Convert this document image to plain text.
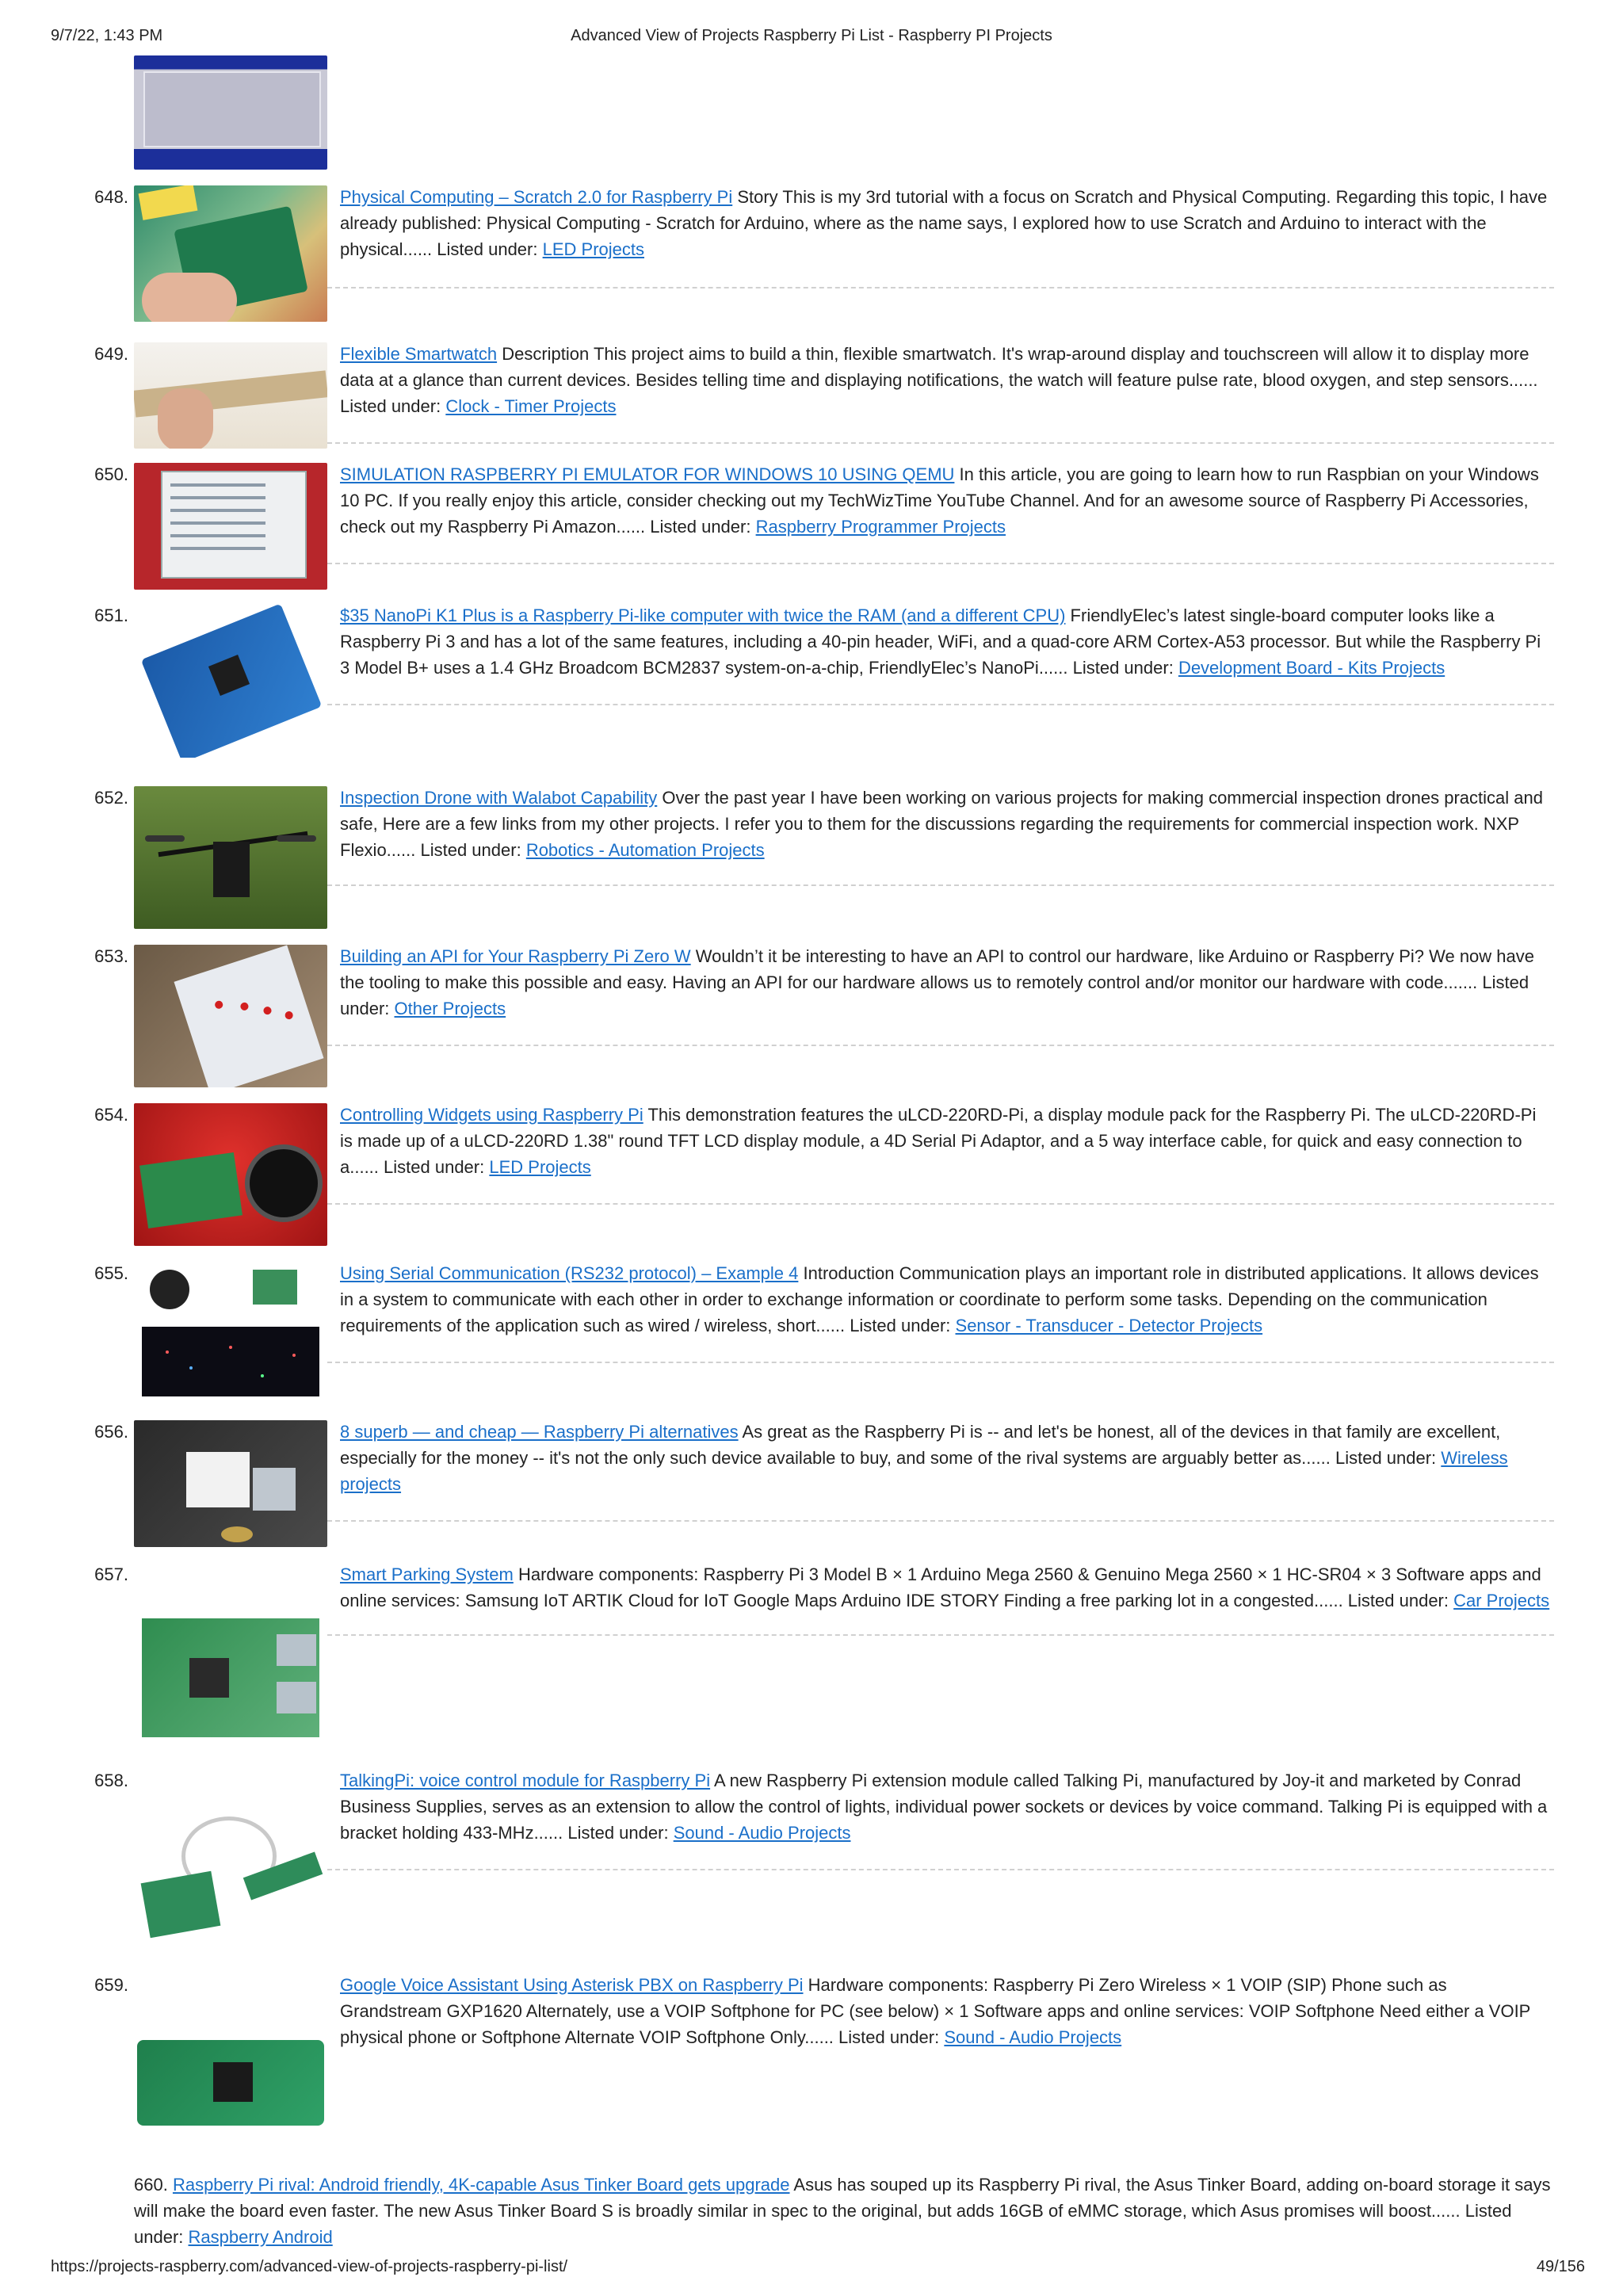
9/7/22, 1:43 PM	Advanced View of Projects Raspberry Pi List - Raspberry PI Projects
648.	Physical Computing – Scratch 2.0 for Raspberry Pi Story This is my 3rd tutorial with a focus on Scratch and Physical Computing. Regarding this topic, I have already published: Physical Computing - Scratch for Arduino, where as the name says, I explored how to use Scratch and Arduino to interact with the physical...... Listed under: LED Projects
649.	Flexible Smartwatch Description This project aims to build a thin, flexible smartwatch. It's wrap-around display and touchscreen will allow it to display more data at a glance than current devices. Besides telling time and displaying notifications, the watch will feature pulse rate, blood oxygen, and step sensors...... Listed under: Clock - Timer Projects
650.	SIMULATION RASPBERRY PI EMULATOR FOR WINDOWS 10 USING QEMU In this article, you are going to learn how to run Raspbian on your Windows 10 PC. If you really enjoy this article, consider checking out my TechWizTime YouTube Channel. And for an awesome source of Raspberry Pi Accessories, check out my Raspberry Pi Amazon...... Listed under: Raspberry Programmer Projects
651.	$35 NanoPi K1 Plus is a Raspberry Pi-like computer with twice the RAM (and a different CPU) FriendlyElec’s latest single-board computer looks like a Raspberry Pi 3 and has a lot of the same features, including a 40-pin header, WiFi, and a quad-core ARM Cortex-A53 processor. But while the Raspberry Pi 3 Model B+ uses a 1.4 GHz Broadcom BCM2837 system-on-a-chip, FriendlyElec’s NanoPi...... Listed under: Development Board - Kits Projects
652.	Inspection Drone with Walabot Capability Over the past year I have been working on various projects for making commercial inspection drones practical and safe, Here are a few links from my other projects. I refer you to them for the discussions regarding the requirements for commercial inspection work. NXP Flexio...... Listed under: Robotics - Automation Projects
653.	Building an API for Your Raspberry Pi Zero W Wouldn’t it be interesting to have an API to control our hardware, like Arduino or Raspberry Pi? We now have the tooling to make this possible and easy. Having an API for our hardware allows us to remotely control and/or monitor our hardware with code....... Listed under: Other Projects
654.	Controlling Widgets using Raspberry Pi This demonstration features the uLCD-220RD-Pi, a display module pack for the Raspberry Pi. The uLCD-220RD-Pi is made up of a uLCD-220RD 1.38" round TFT LCD display module, a 4D Serial Pi Adaptor, and a 5 way interface cable, for quick and easy connection to a...... Listed under: LED Projects
655.	Using Serial Communication (RS232 protocol) – Example 4 Introduction Communication plays an important role in distributed applications. It allows devices in a system to communicate with each other in order to exchange information or coordinate to perform some tasks. Depending on the communication requirements of the application such as wired / wireless, short...... Listed under: Sensor - Transducer - Detector Projects
656.	8 superb — and cheap — Raspberry Pi alternatives As great as the Raspberry Pi is -- and let's be honest, all of the devices in that family are excellent, especially for the money -- it's not the only such device available to buy, and some of the rival systems are arguably better as...... Listed under: Wireless projects
657.	Smart Parking System Hardware components: Raspberry Pi 3 Model B × 1 Arduino Mega 2560 & Genuino Mega 2560 × 1 HC-SR04 × 3 Software apps and online services: Samsung IoT ARTIK Cloud for IoT Google Maps Arduino IDE STORY Finding a free parking lot in a congested...... Listed under: Car Projects
658.	TalkingPi: voice control module for Raspberry Pi A new Raspberry Pi extension module called Talking Pi, manufactured by Joy-it and marketed by Conrad Business Supplies, serves as an extension to allow the control of lights, individual power sockets or devices by voice command. Talking Pi is equipped with a bracket holding 433-MHz...... Listed under: Sound - Audio Projects
659.	Google Voice Assistant Using Asterisk PBX on Raspberry Pi Hardware components: Raspberry Pi Zero Wireless × 1 VOIP (SIP) Phone such as Grandstream GXP1620 Alternately, use a VOIP Softphone for PC (see below) × 1 Software apps and online services: VOIP Softphone Need either a VOIP physical phone or Softphone Alternate VOIP Softphone Only...... Listed under: Sound - Audio Projects
660. Raspberry Pi rival: Android friendly, 4K-capable Asus Tinker Board gets upgrade Asus has souped up its Raspberry Pi rival, the Asus Tinker Board, adding on-board storage it says will make the board even faster. The new Asus Tinker Board S is broadly similar in spec to the original, but adds 16GB of eMMC storage, which Asus promises will boost...... Listed under: Raspberry Android
https://projects-raspberry.com/advanced-view-of-projects-raspberry-pi-list/	49/156
